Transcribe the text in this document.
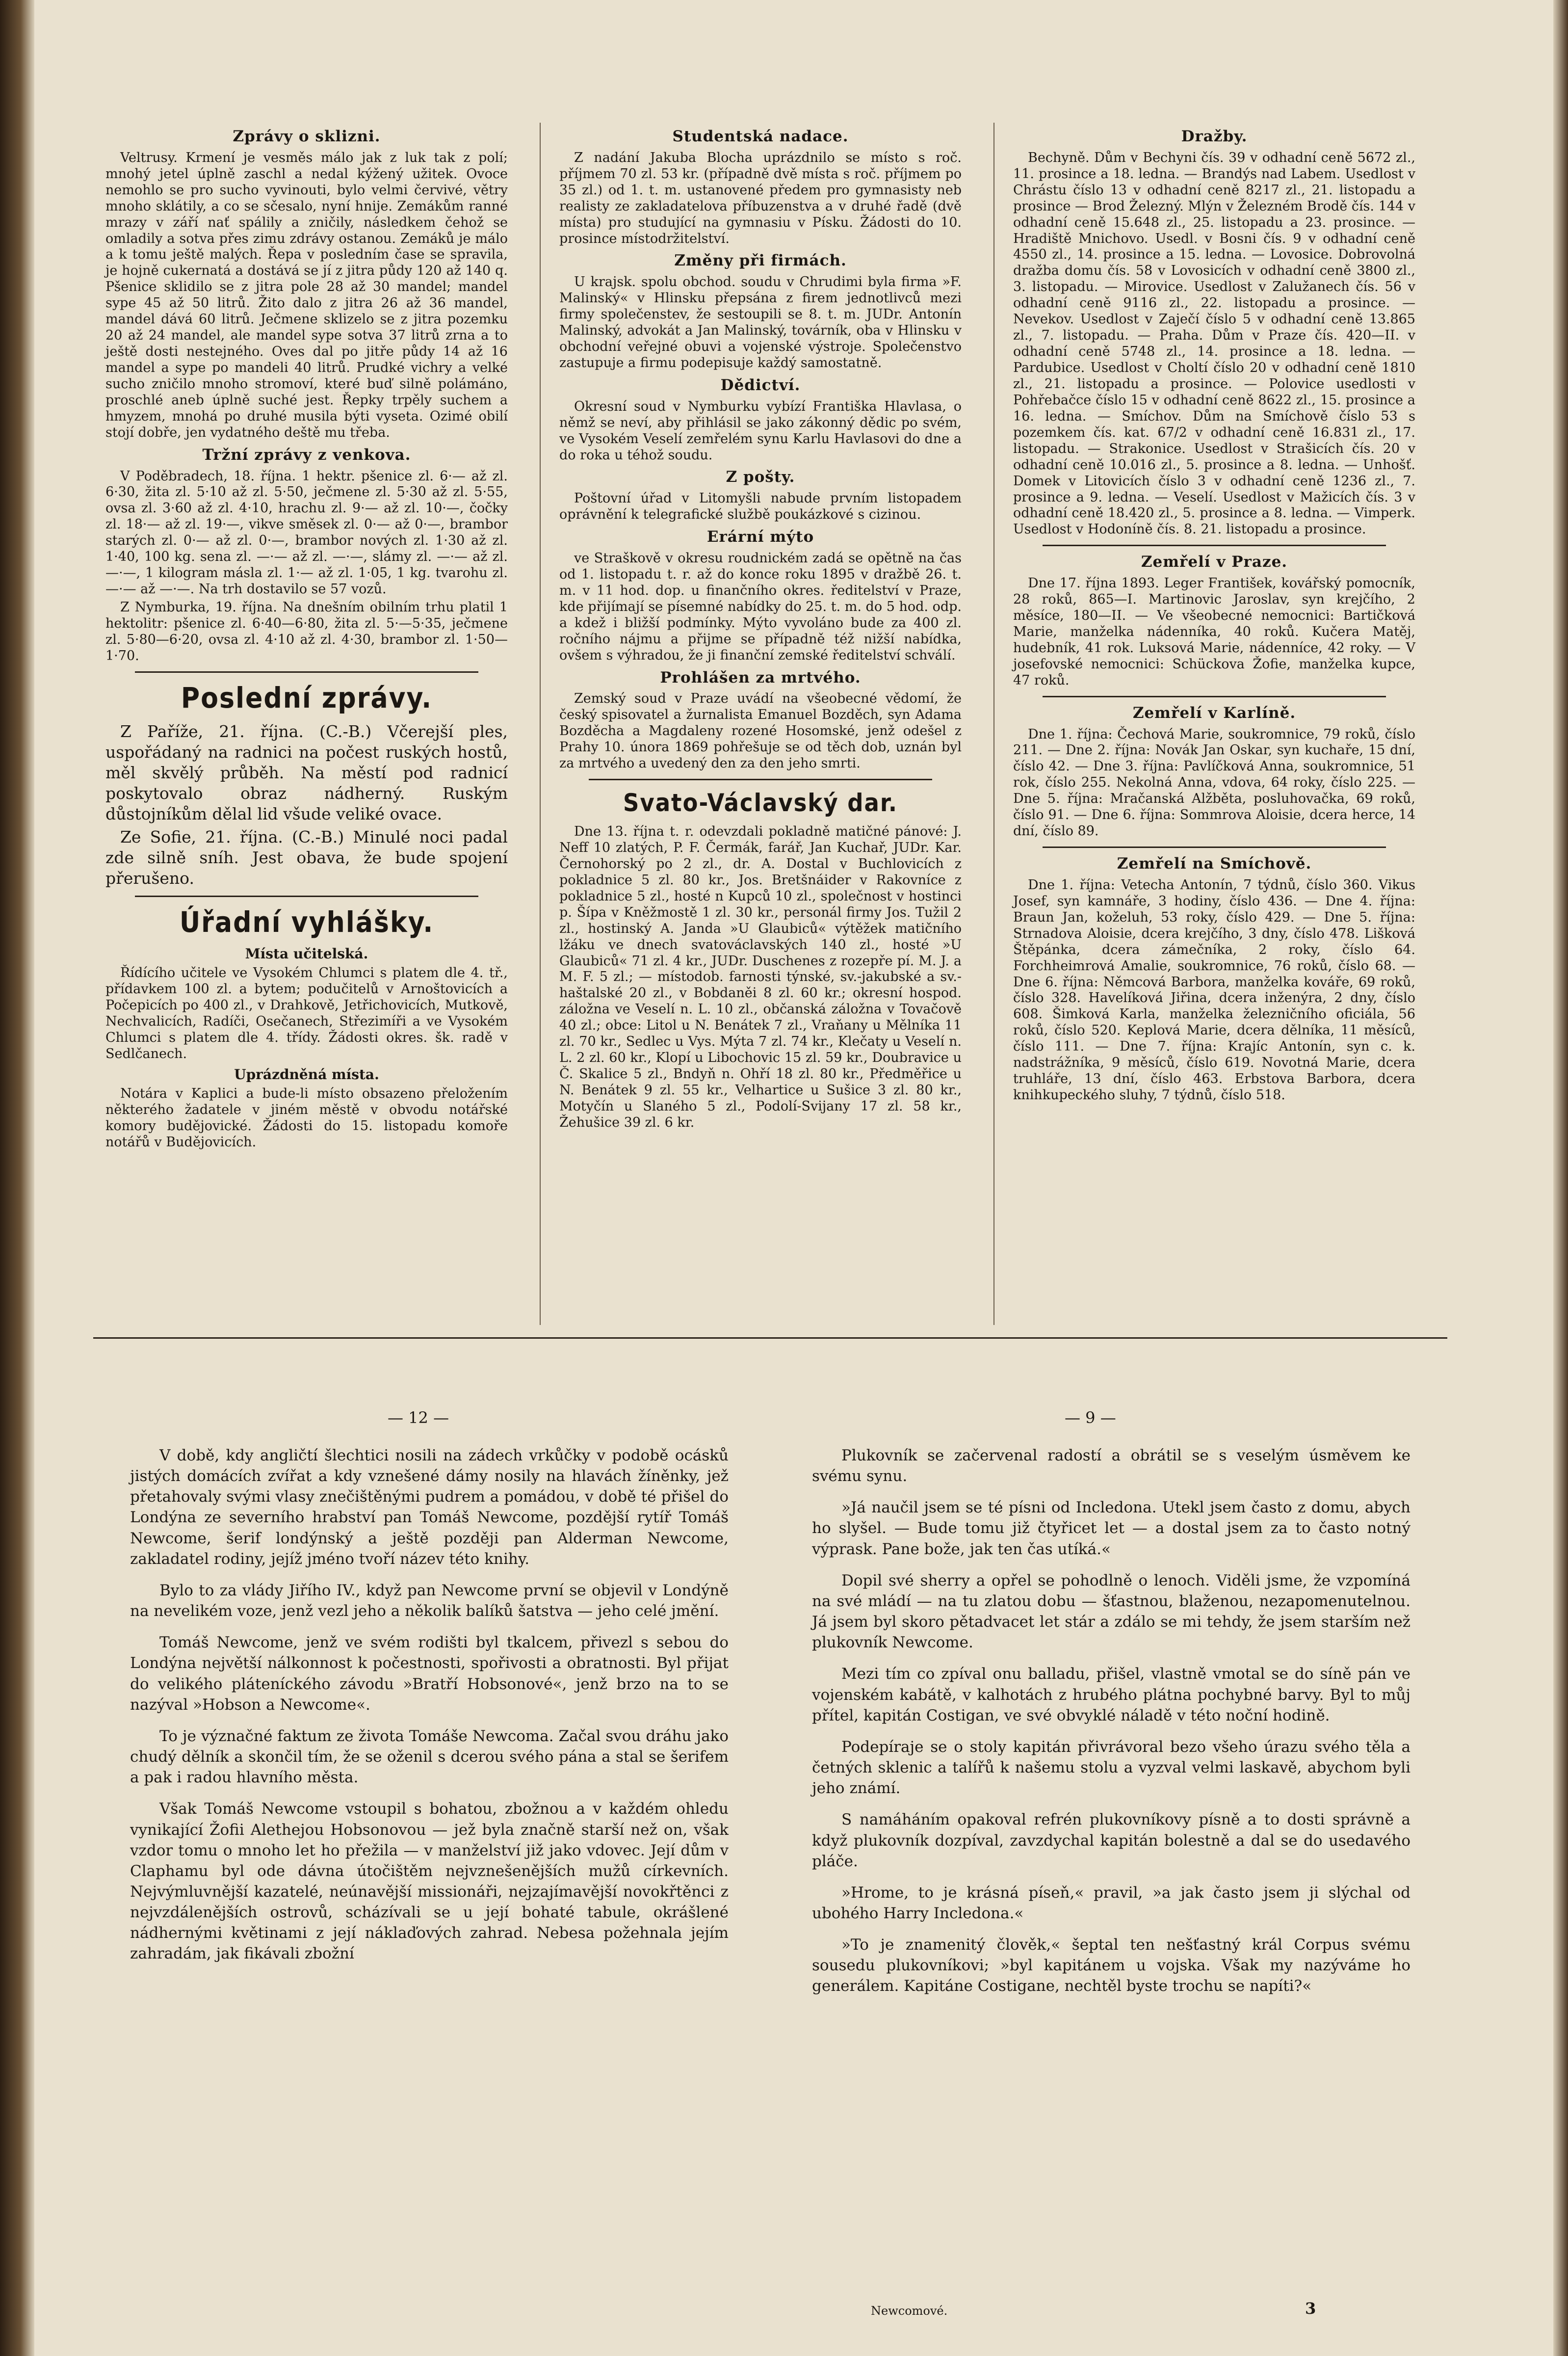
Zprávy o sklizni.

Veltrusy. Krmení je vesměs málo jak z luk tak z polí; mnohý jetel úplně zaschl a nedal kýžený užitek. Ovoce nemohlo se pro sucho vyvinouti, bylo velmi červivé, větry mnoho sklátily, a co se sčesalo, nyní hnije. Zemákům ranné mrazy v září nať spálily a zničily, následkem čehož se omladily a sotva přes zimu zdrávy ostanou. Zemáků je málo a k tomu ještě malých. Řepa v posledním čase se spravila, je hojně cukernatá a dostává se jí z jitra půdy 120 až 140 q. Pšenice sklidilo se z jitra pole 28 až 30 mandel; mandel sype 45 až 50 litrů. Žito dalo z jitra 26 až 36 mandel, mandel dává 60 litrů. Ječmene sklizelo se z jitra pozemku 20 až 24 mandel, ale mandel sype sotva 37 litrů zrna a to ještě dosti nestejného. Oves dal po jitře půdy 14 až 16 mandel a sype po mandeli 40 litrů. Prudké vichry a velké sucho zničilo mnoho stromoví, které buď silně polámáno, proschlé aneb úplně suché jest. Řepky trpěly suchem a hmyzem, mnohá po druhé musila býti vyseta. Ozimé obilí stojí dobře, jen vydatného deště mu třeba.

Tržní zprávy z venkova.

V Poděbradech, 18. října. 1 hektr. pšenice zl. 6·— až zl. 6·30, žita zl. 5·10 až zl. 5·50, ječmene zl. 5·30 až zl. 5·55, ovsa zl. 3·60 až zl. 4·10, hrachu zl. 9·— až zl. 10·—, čočky zl. 18·— až zl. 19·—, vikve směsek zl. 0·— až 0·—, brambor starých zl. 0·— až zl. 0·—, brambor nových zl. 1·30 až zl. 1·40, 100 kg. sena zl. —·— až zl. —·—, slámy zl. —·— až zl. —·—, 1 kilogram másla zl. 1·— až zl. 1·05, 1 kg. tvarohu zl. —·— až —·—. Na trh dostavilo se 57 vozů.

Z Nymburka, 19. října. Na dnešním obilním trhu platil 1 hektolitr: pšenice zl. 6·40—6·80, žita zl. 5·—5·35, ječmene zl. 5·80—6·20, ovsa zl. 4·10 až zl. 4·30, brambor zl. 1·50—1·70.

Poslední zprávy.

Z Paříže, 21. října. (C.-B.) Včerejší ples, uspořádaný na radnici na počest ruských hostů, měl skvělý průběh. Na městí pod radnicí poskytovalo obraz nádherný. Ruským důstojníkům dělal lid všude veliké ovace.

Ze Sofie, 21. října. (C.-B.) Minulé noci padal zde silně sníh. Jest obava, že bude spojení přerušeno.

Úřadní vyhlášky.
Místa učitelská.

Řídícího učitele ve Vysokém Chlumci s platem dle 4. tř., přídavkem 100 zl. a bytem; podučitelů v Arnoštovicích a Počepicích po 400 zl., v Drahkově, Jetřichovicích, Mutkově, Nechvalicích, Radíči, Osečanech, Střezimíři a ve Vysokém Chlumci s platem dle 4. třídy. Žádosti okres. šk. radě v Sedlčanech.

Uprázdněná místa.

Notára v Kaplici a bude-li místo obsazeno přeložením některého žadatele v jiném městě v obvodu notářské komory budějovické. Žádosti do 15. listopadu komoře notářů v Budějovicích.

Studentská nadace.

Z nadání Jakuba Blocha uprázdnilo se místo s roč. příjmem 70 zl. 53 kr. (případně dvě místa s roč. příjmem po 35 zl.) od 1. t. m. ustanovené předem pro gymnasisty neb realisty ze zakladatelova příbuzenstva a v druhé řadě (dvě místa) pro studující na gymnasiu v Písku. Žádosti do 10. prosince místodržitelství.

Změny při firmách.

U krajsk. spolu obchod. soudu v Chrudimi byla firma »F. Malinský« v Hlinsku přepsána z firem jednotlivců mezi firmy společenstev, že sestoupili se 8. t. m. JUDr. Antonín Malinský, advokát a Jan Malinský, továrník, oba v Hlinsku v obchodní veřejné obuvi a vojenské výstroje. Společenstvo zastupuje a firmu podepisuje každý samostatně.

Dědictví.

Okresní soud v Nymburku vybízí Františka Hlavlasa, o němž se neví, aby přihlásil se jako zákonný dědic po svém, ve Vysokém Veselí zemřelém synu Karlu Havlasovi do dne a do roka u téhož soudu.

Z pošty.

Poštovní úřad v Litomyšli nabude prvním listopadem oprávnění k telegrafické službě poukázkové s cizinou.

Erární mýto

ve Straškově v okresu roudnickém zadá se opětně na čas od 1. listopadu t. r. až do konce roku 1895 v dražbě 26. t. m. v 11 hod. dop. u finančního okres. ředitelství v Praze, kde přijímají se písemné nabídky do 25. t. m. do 5 hod. odp. a kdež i bližší podmínky. Mýto vyvoláno bude za 400 zl. ročního nájmu a přijme se případně též nižší nabídka, ovšem s výhradou, že ji finanční zemské ředitelství schválí.

Prohlášen za mrtvého.

Zemský soud v Praze uvádí na všeobecné vědomí, že český spisovatel a žurnalista Emanuel Bozděch, syn Adama Bozděcha a Magdaleny rozené Hosomské, jenž odešel z Prahy 10. února 1869 pohřešuje se od těch dob, uznán byl za mrtvého a uvedený den za den jeho smrti.

Svato-Václavský dar.

Dne 13. října t. r. odevzdali pokladně matičné pánové: J. Neff 10 zlatých, P. F. Čermák, farář, Jan Kuchař, JUDr. Kar. Černohorský po 2 zl., dr. A. Dostal v Buchlovicích z pokladnice 5 zl. 80 kr., Jos. Bretšnáider v Rakovníce z pokladnice 5 zl., hosté n Kupců 10 zl., společnost v hostinci p. Šípa v Kněžmostě 1 zl. 30 kr., personál firmy Jos. Tužil 2 zl., hostinský A. Janda »U Glaubiců« výtěžek matičního lžáku ve dnech svatováclavských 140 zl., hosté »U Glaubiců« 71 zl. 4 kr., JUDr. Duschenes z rozepře pí. M. J. a M. F. 5 zl.; — místodob. farnosti týnské, sv.-jakubské a sv.-haštalské 20 zl., v Bobdaněi 8 zl. 60 kr.; okresní hospod. záložna ve Veselí n. L. 10 zl., občanská záložna v Tovačově 40 zl.; obce: Litol u N. Benátek 7 zl., Vraňany u Mělníka 11 zl. 70 kr., Sedlec u Vys. Mýta 7 zl. 74 kr., Klečaty u Veselí n. L. 2 zl. 60 kr., Klopí u Libochovic 15 zl. 59 kr., Doubravice u Č. Skalice 5 zl., Bndyň n. Ohří 18 zl. 80 kr., Předměřice u N. Benátek 9 zl. 55 kr., Velhartice u Sušice 3 zl. 80 kr., Motyčín u Slaného 5 zl., Podolí-Svijany 17 zl. 58 kr., Žehušice 39 zl. 6 kr.

Dražby.

Bechyně. Dům v Bechyni čís. 39 v odhadní ceně 5672 zl., 11. prosince a 18. ledna. — Brandýs nad Labem. Usedlost v Chrástu číslo 13 v odhadní ceně 8217 zl., 21. listopadu a prosince — Brod Železný. Mlýn v Železném Brodě čís. 144 v odhadní ceně 15.648 zl., 25. listopadu a 23. prosince. — Hradiště Mnichovo. Usedl. v Bosni čís. 9 v odhadní ceně 4550 zl., 14. prosince a 15. ledna. — Lovosice. Dobrovolná dražba domu čís. 58 v Lovosicích v odhadní ceně 3800 zl., 3. listopadu. — Mirovice. Usedlost v Zalužanech čís. 56 v odhadní ceně 9116 zl., 22. listopadu a prosince. — Nevekov. Usedlost v Zaječí číslo 5 v odhadní ceně 13.865 zl., 7. listopadu. — Praha. Dům v Praze čís. 420—II. v odhadní ceně 5748 zl., 14. prosince a 18. ledna. — Pardubice. Usedlost v Choltí číslo 20 v odhadní ceně 1810 zl., 21. listopadu a prosince. — Polovice usedlosti v Pohřebačce číslo 15 v odhadní ceně 8622 zl., 15. prosince a 16. ledna. — Smíchov. Dům na Smíchově číslo 53 s pozemkem čís. kat. 67/2 v odhadní ceně 16.831 zl., 17. listopadu. — Strakonice. Usedlost v Strašicích čís. 20 v odhadní ceně 10.016 zl., 5. prosince a 8. ledna. — Unhošť. Domek v Litovicích číslo 3 v odhadní ceně 1236 zl., 7. prosince a 9. ledna. — Veselí. Usedlost v Mažicích čís. 3 v odhadní ceně 18.420 zl., 5. prosince a 8. ledna. — Vimperk. Usedlost v Hodoníně čís. 8. 21. listopadu a prosince.

Zemřelí v Praze.

Dne 17. října 1893. Leger František, kovářský pomocník, 28 roků, 865—I. Martinovic Jaroslav, syn krejčího, 2 měsíce, 180—II. — Ve všeobecné nemocnici: Bartičková Marie, manželka nádenníka, 40 roků. Kučera Matěj, hudebník, 41 rok. Luksová Marie, nádenníce, 42 roky. — V josefovské nemocnici: Schückova Žofie, manželka kupce, 47 roků.

Zemřelí v Karlíně.

Dne 1. října: Čechová Marie, soukromnice, 79 roků, číslo 211. — Dne 2. října: Novák Jan Oskar, syn kuchaře, 15 dní, číslo 42. — Dne 3. října: Pavlíčková Anna, soukromnice, 51 rok, číslo 255. Nekolná Anna, vdova, 64 roky, číslo 225. — Dne 5. října: Mračanská Alžběta, posluhovačka, 69 roků, číslo 91. — Dne 6. října: Sommrova Aloisie, dcera herce, 14 dní, číslo 89.

Zemřelí na Smíchově.

Dne 1. října: Vetecha Antonín, 7 týdnů, číslo 360. Vikus Josef, syn kamnáře, 3 hodiny, číslo 436. — Dne 4. října: Braun Jan, koželuh, 53 roky, číslo 429. — Dne 5. října: Strnadova Aloisie, dcera krejčího, 3 dny, číslo 478. Lišková Štěpánka, dcera zámečníka, 2 roky, číslo 64. Forchheimrová Amalie, soukromnice, 76 roků, číslo 68. — Dne 6. října: Němcová Barbora, manželka kováře, 69 roků, číslo 328. Havelíková Jiřina, dcera inženýra, 2 dny, číslo 608. Šimková Karla, manželka železničního oficiála, 56 roků, číslo 520. Keplová Marie, dcera dělníka, 11 měsíců, číslo 111. — Dne 7. října: Krajíc Antonín, syn c. k. nadstrážníka, 9 měsíců, číslo 619. Novotná Marie, dcera truhláře, 13 dní, číslo 463. Erbstova Barbora, dcera knihkupeckého sluhy, 7 týdnů, číslo 518.

— 12 —

V době, kdy angličtí šlechtici nosili na zádech vrkůčky v podobě ocásků jistých domácích zvířat a kdy vznešené dámy nosily na hlavách žíněnky, jež přetahovaly svými vlasy znečištěnými pudrem a pomádou, v době té přišel do Londýna ze severního hrabství pan Tomáš Newcome, pozdější rytíř Tomáš Newcome, šerif londýnský a ještě později pan Alderman Newcome, zakladatel rodiny, jejíž jméno tvoří název této knihy.

Bylo to za vlády Jiřího IV., když pan Newcome první se objevil v Londýně na nevelikém voze, jenž vezl jeho a několik balíků šatstva — jeho celé jmění.

Tomáš Newcome, jenž ve svém rodišti byl tkalcem, přivezl s sebou do Londýna největší nálkonnost k počestnosti, spořivosti a obratnosti. Byl přijat do velikého pláteníckého závodu »Bratří Hobsonové«, jenž brzo na to se nazýval »Hobson a Newcome«.

To je význačné faktum ze života Tomáše Newcoma. Začal svou dráhu jako chudý dělník a skončil tím, že se oženil s dcerou svého pána a stal se šerifem a pak i radou hlavního města.

Však Tomáš Newcome vstoupil s bohatou, zbožnou a v každém ohledu vynikající Žofii Alethejou Hobsonovou — jež byla značně starší než on, však vzdor tomu o mnoho let ho přežila — v manželství již jako vdovec. Její dům v Claphamu byl ode dávna útočištěm nejvznešenějších mužů církevních. Nejvýmluvnější kazatelé, neúnavější missionáři, nejzajímavější novokřtěnci z nejvzdálenějších ostrovů, scházívali se u její bohaté tabule, okrášlené nádhernými květinami z její náklaďových zahrad. Nebesa požehnala jejím zahradám, jak fikávali zbožní

— 9 —

Plukovník se začervenal radostí a obrátil se s veselým úsměvem ke svému synu.

»Já naučil jsem se té písni od Incledona. Utekl jsem často z domu, abych ho slyšel. — Bude tomu již čtyřicet let — a dostal jsem za to často notný výprask. Pane bože, jak ten čas utíká.«

Dopil své sherry a opřel se pohodlně o lenoch. Viděli jsme, že vzpomíná na své mládí — na tu zlatou dobu — šťastnou, blaženou, nezapomenutelnou. Já jsem byl skoro pětadvacet let stár a zdálo se mi tehdy, že jsem starším než plukovník Newcome.

Mezi tím co zpíval onu balladu, přišel, vlastně vmotal se do síně pán ve vojenském kabátě, v kalhotách z hrubého plátna pochybné barvy. Byl to můj přítel, kapitán Costigan, ve své obvyklé náladě v této noční hodině.

Podepíraje se o stoly kapitán přivrávoral bezo všeho úrazu svého těla a četných sklenic a talířů k našemu stolu a vyzval velmi laskavě, abychom byli jeho známí.

S namáháním opakoval refrén plukovníkovy písně a to dosti správně a když plukovník dozpíval, zavzdychal kapitán bolestně a dal se do usedavého pláče.

»Hrome, to je krásná píseň,« pravil, »a jak často jsem ji slýchal od ubohého Harry Incledona.«

»To je znamenitý člověk,« šeptal ten nešťastný král Corpus svému sousedu plukovníkovi; »byl kapitánem u vojska. Však my nazýváme ho generálem. Kapitáne Costigane, nechtěl byste trochu se napíti?«

Newcomové.	3
